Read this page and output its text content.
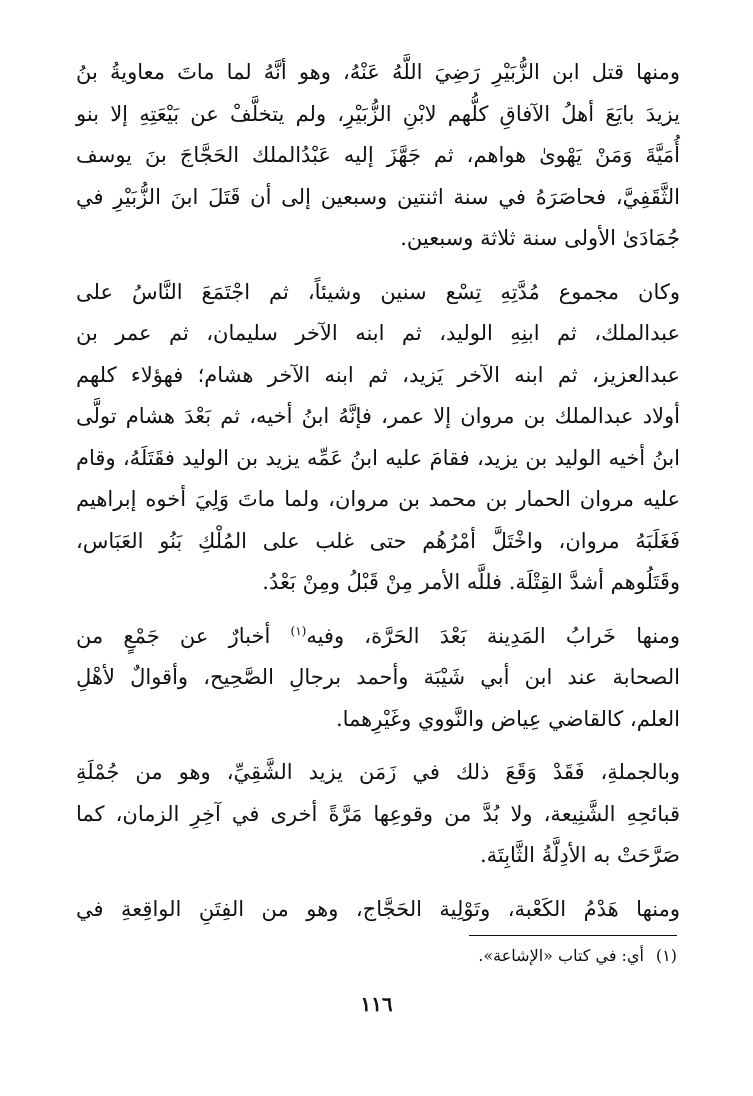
ومنها قتل ابن الزُّبَيْرِ رَضِيَ اللَّهُ عَنْهُ، وهو أنَّهُ لما ماتَ معاويةُ بنُ
يزيدَ بايَعَ أهلُ الآفاقِ كلُّهم لابْنِ الزُّبَيْرِ، ولم يتخلَّفْ عن بَيْعَتِهِ إلا بنو
أُمَيَّةَ وَمَنْ يَهْوىٰ هواهم، ثم جَهَّزَ إليه عَبْدُالملك الحَجَّاجَ بنَ يوسف
الثَّقَفِيَّ، فحاصَرَهُ في سنة اثنتين وسبعين إلى أن قَتَلَ ابنَ الزُّبَيْرِ في
جُمَادَىٰ الأولى سنة ثلاثة وسبعين.

وكان مجموع مُدَّتِهِ تِسْع سنين وشيئاً، ثم اجْتَمَعَ النَّاسُ على
عبدالملك، ثم ابنِهِ الوليد، ثم ابنه الآخر سليمان، ثم عمر بن
عبدالعزيز، ثم ابنه الآخر يَزيد، ثم ابنه الآخر هشام؛ فهؤلاء كلهم
أولاد عبدالملك بن مروان إلا عمر، فإنَّهُ ابنُ أخيه، ثم بَعْدَ هشام تولَّى
ابنُ أخيه الوليد بن يزيد، فقامَ عليه ابنُ عَمِّه يزيد بن الوليد فقَتَلَهُ، وقام
عليه مروان الحمار بن محمد بن مروان، ولما ماتَ وَلِيَ أخوه إبراهيم
فَغَلَبَهُ مروان، واخْتَلَّ أمْرُهُم حتى غلب على المُلْكِ بَنُو العَبَاس،
وقَتَلُوهم أشدَّ القِتْلَة. فللَّه الأمر مِنْ قَبْلُ ومِنْ بَعْدُ.

ومنها خَرابُ المَدِينة بَعْدَ الحَرَّة، وفيه$^{(١)}$ أخبارٌ عن جَمْعٍ من
الصحابة عند ابن أبي شَيْبَة وأحمد برجالِ الصَّحِيح، وأقوالٌ لأهْلِ
العلم، كالقاضي عِياض والنَّووي وغَيْرِهما.

وبالجملةِ، فَقَدْ وَقَعَ ذلك في زَمَن يزيد الشَّقِيِّ، وهو من جُمْلَةِ
قبائحِهِ الشَّنِيعة، ولا بُدَّ من وقوعِها مَرَّةً أخرى في آخِرِ الزمان، كما
صَرَّحَتْ به الأدِلَّةُ الثَّابِتَة.

ومنها هَدْمُ الكَعْبة، وتَوْلِية الحَجَّاج، وهو من الفِتَنِ الواقِعةِ في

(١)أي: في كتاب «الإشاعة».
١١٦
